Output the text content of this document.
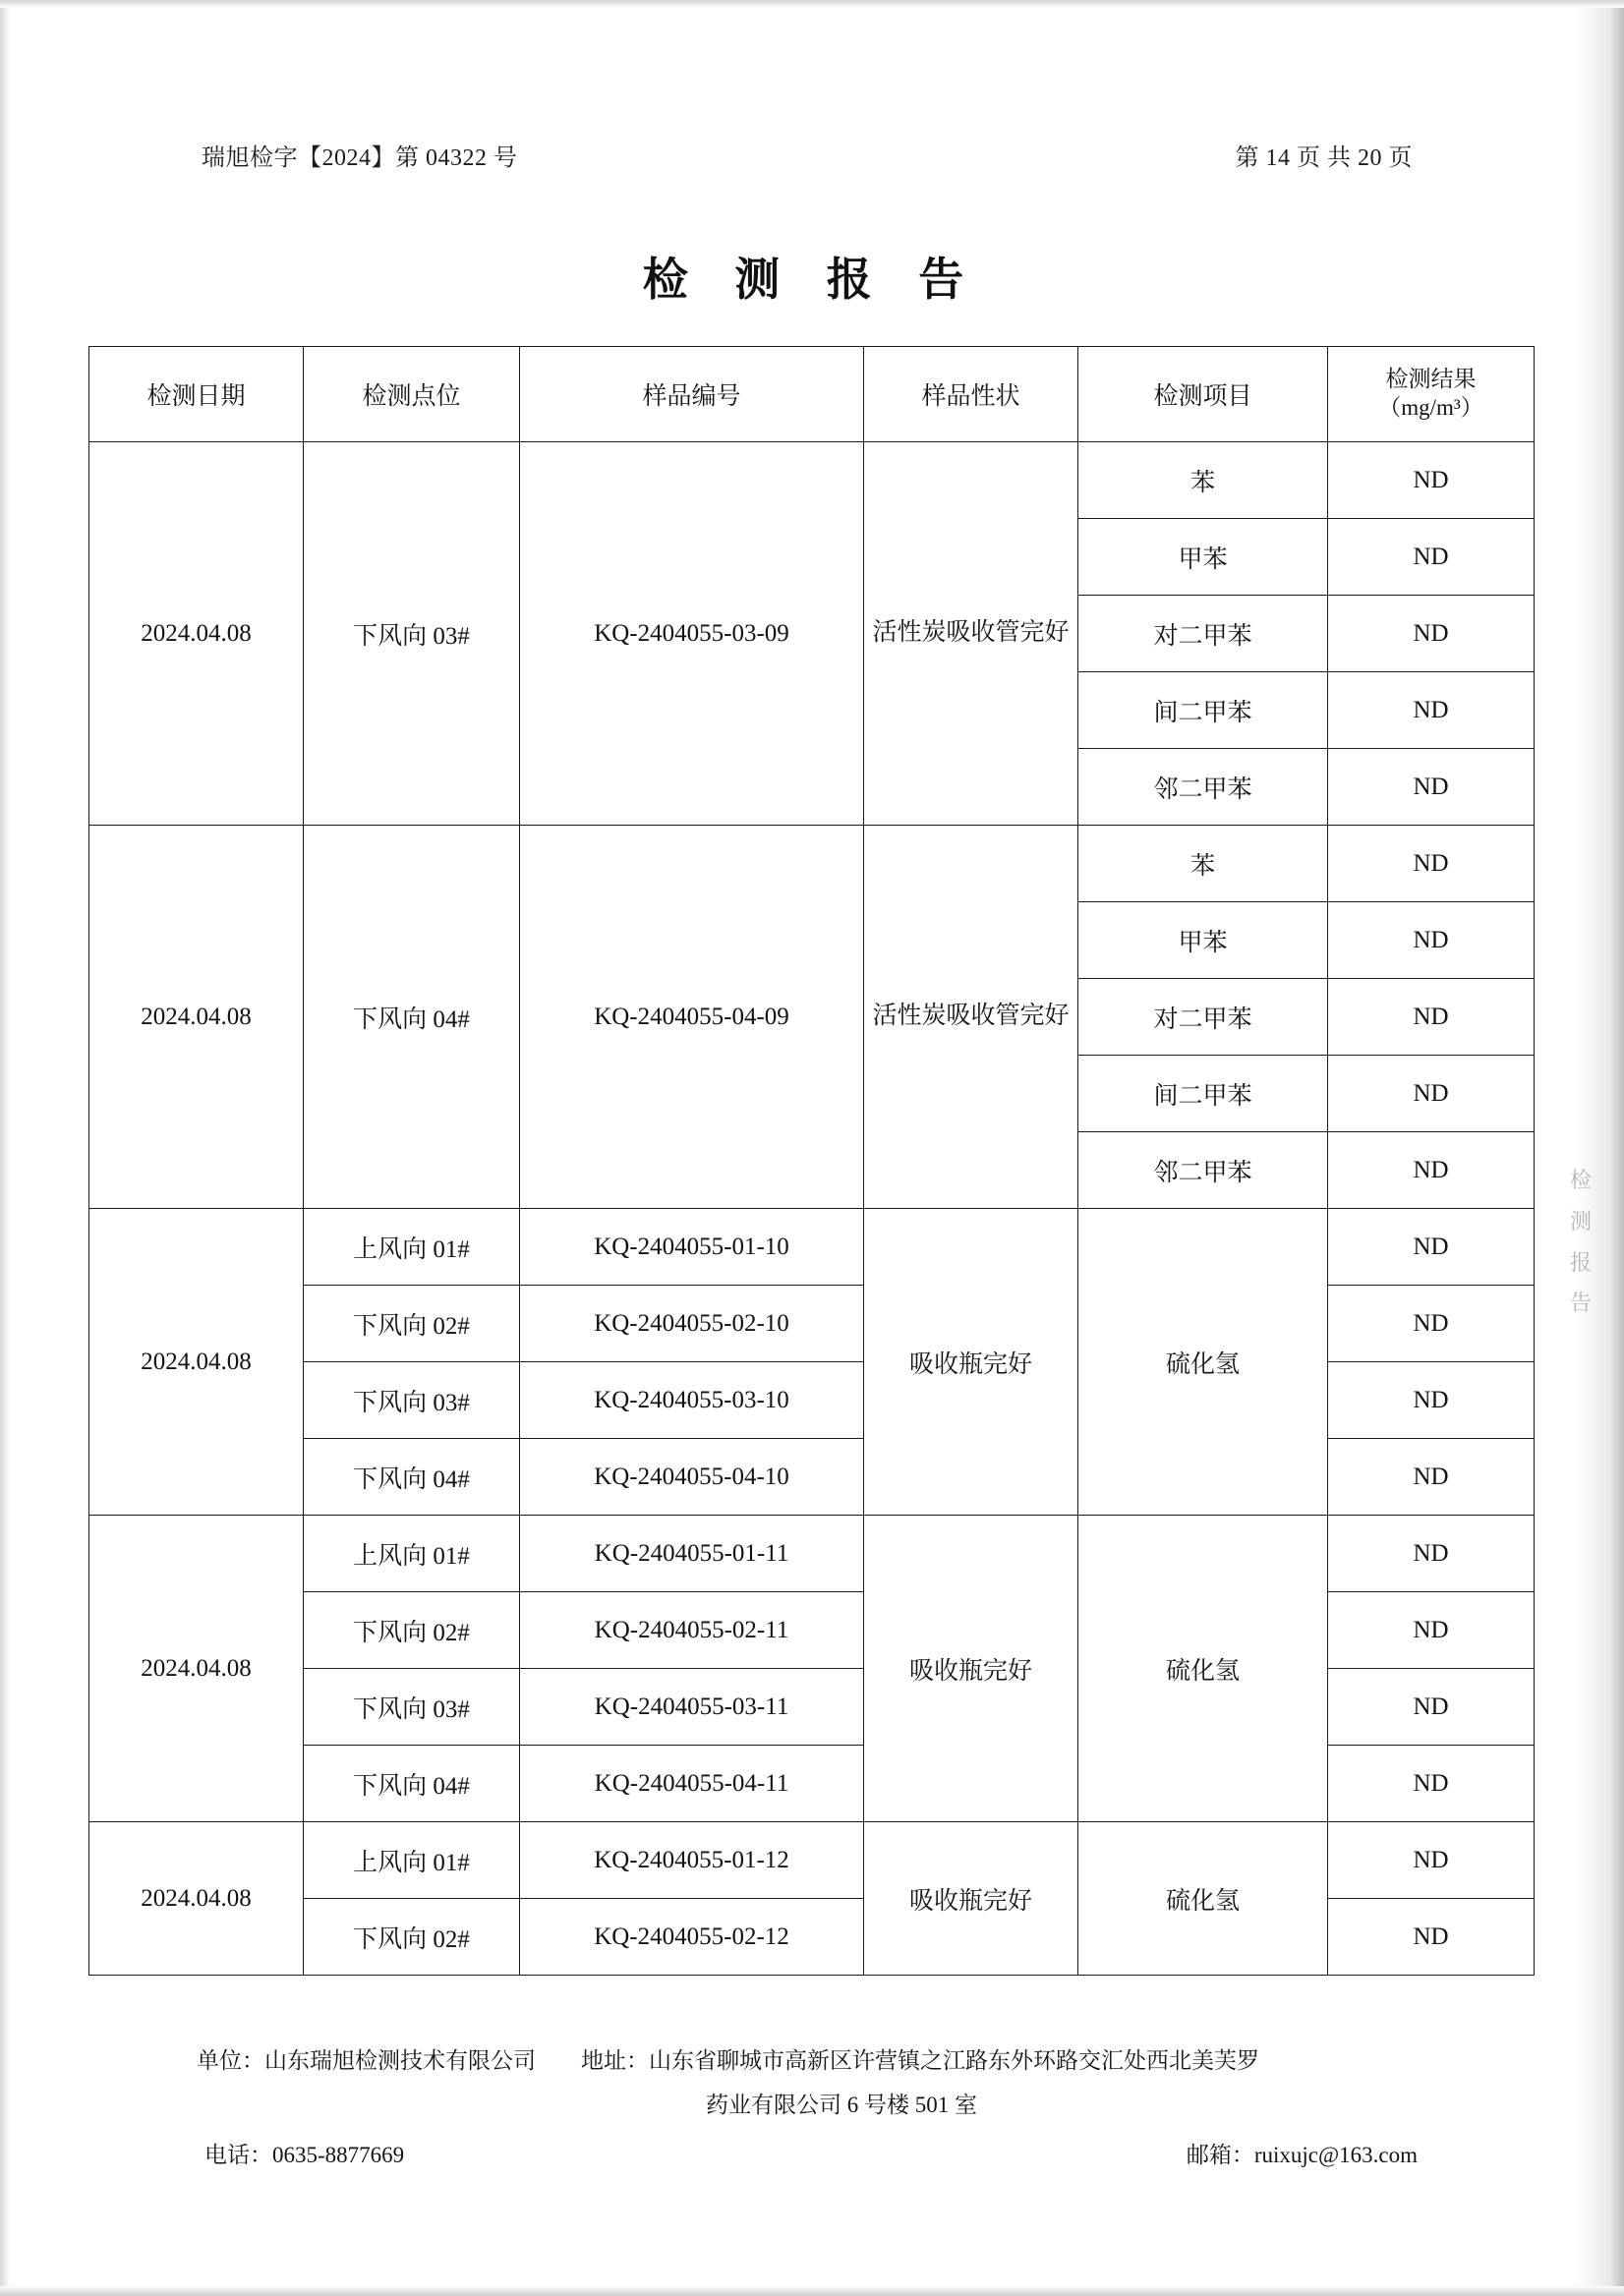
瑞旭检字【2024】第 04322 号	第 14 页 共 20 页
检 测 报 告
检 测 报 告
检测日期	检测点位	样品编号	样品性状	检测项目	检测结果
（mg/m³）

2024.04.08	下风向 03#	KQ-2404055-03-09	活性炭吸收管完好	苯	ND
				甲苯	ND
				对二甲苯	ND
				间二甲苯	ND
				邻二甲苯	ND
2024.04.08	下风向 04#	KQ-2404055-04-09	活性炭吸收管完好	苯	ND
				甲苯	ND
				对二甲苯	ND
				间二甲苯	ND
				邻二甲苯	ND
2024.04.08	上风向 01#	KQ-2404055-01-10	吸收瓶完好	硫化氢	ND
	下风向 02#	KQ-2404055-02-10			ND
	下风向 03#	KQ-2404055-03-10			ND
	下风向 04#	KQ-2404055-04-10			ND
2024.04.08	上风向 01#	KQ-2404055-01-11	吸收瓶完好	硫化氢	ND
	下风向 02#	KQ-2404055-02-11			ND
	下风向 03#	KQ-2404055-03-11			ND
	下风向 04#	KQ-2404055-04-11			ND
2024.04.08	上风向 01#	KQ-2404055-01-12	吸收瓶完好	硫化氢	ND
	下风向 02#	KQ-2404055-02-12			ND
单位：山东瑞旭检测技术有限公司 地址：山东省聊城市高新区许营镇之江路东外环路交汇处西北美芙罗
药业有限公司 6 号楼 501 室
电话：0635-8877669	邮箱：ruixujc@163.com
